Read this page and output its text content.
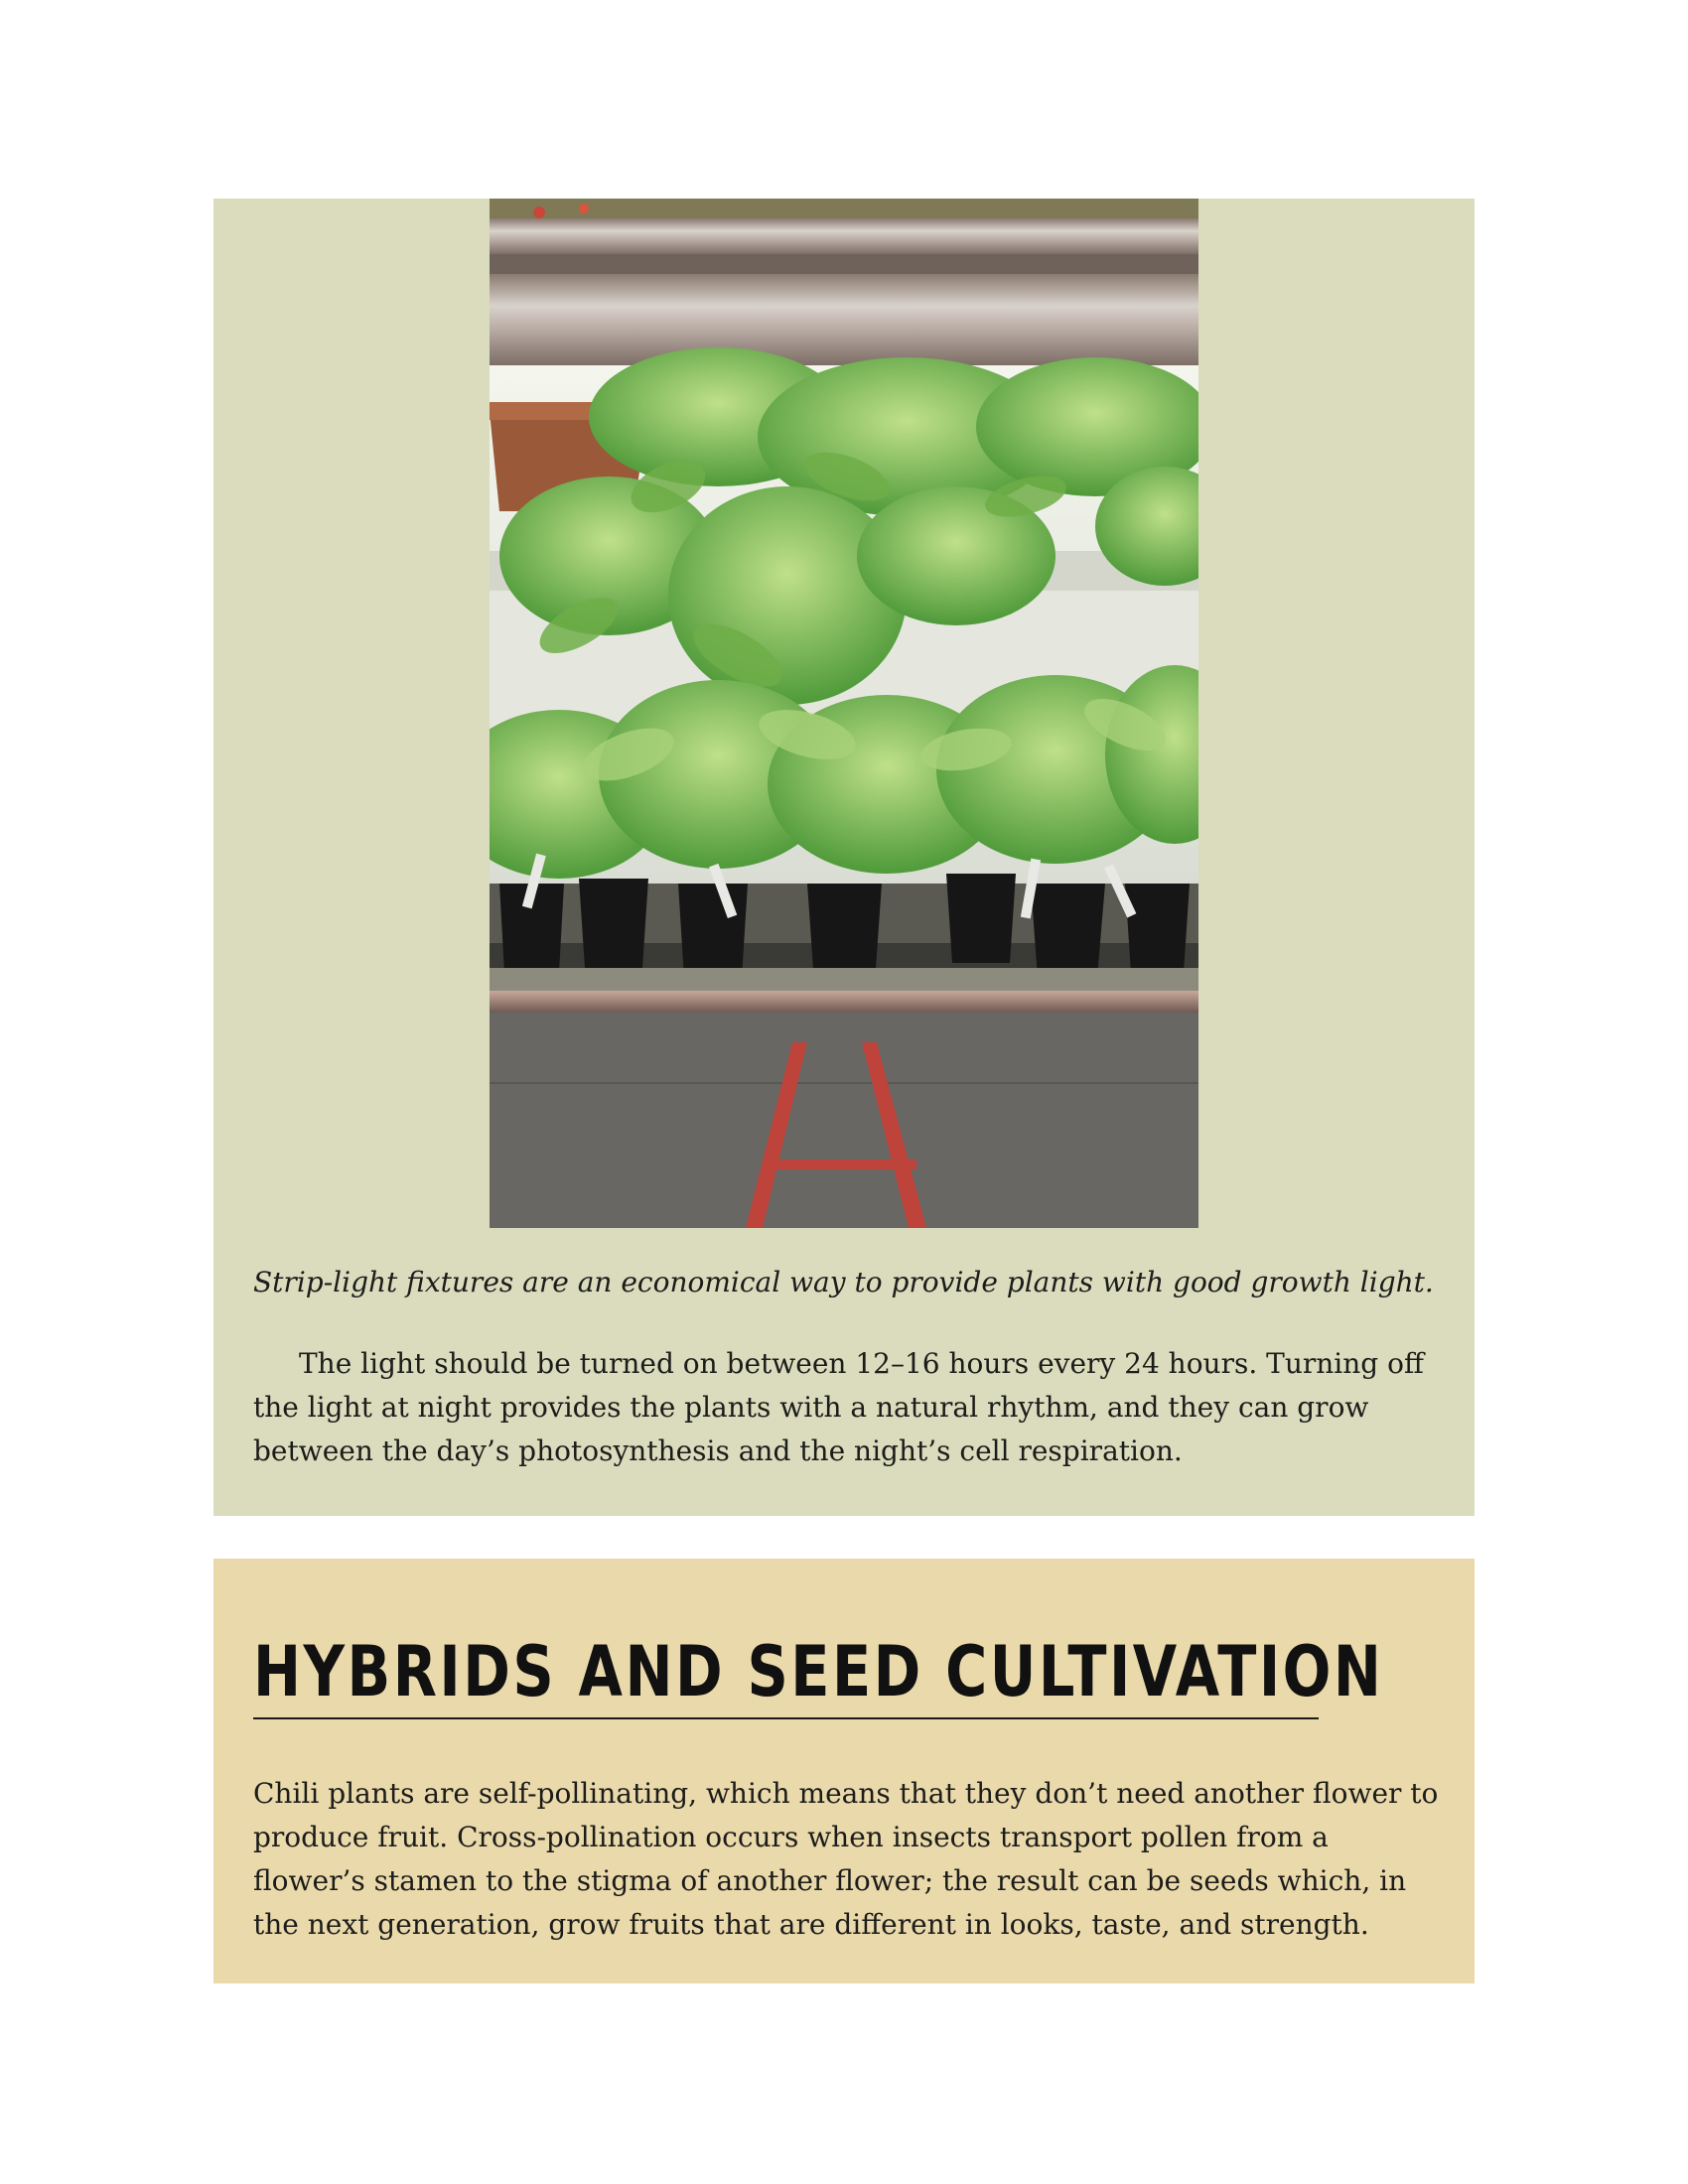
Strip-light fixtures are an economical way to provide plants with good growth light.

The light should be turned on between 12–16 hours every 24 hours. Turning off
the light at night provides the plants with a natural rhythm, and they can grow
between the day’s photosynthesis and the night’s cell respiration.
HYBRIDS AND SEED CULTIVATION
Chili plants are self-pollinating, which means that they don’t need another flower to
produce fruit. Cross-pollination occurs when insects transport pollen from a
flower’s stamen to the stigma of another flower; the result can be seeds which, in
the next generation, grow fruits that are different in looks, taste, and strength.
